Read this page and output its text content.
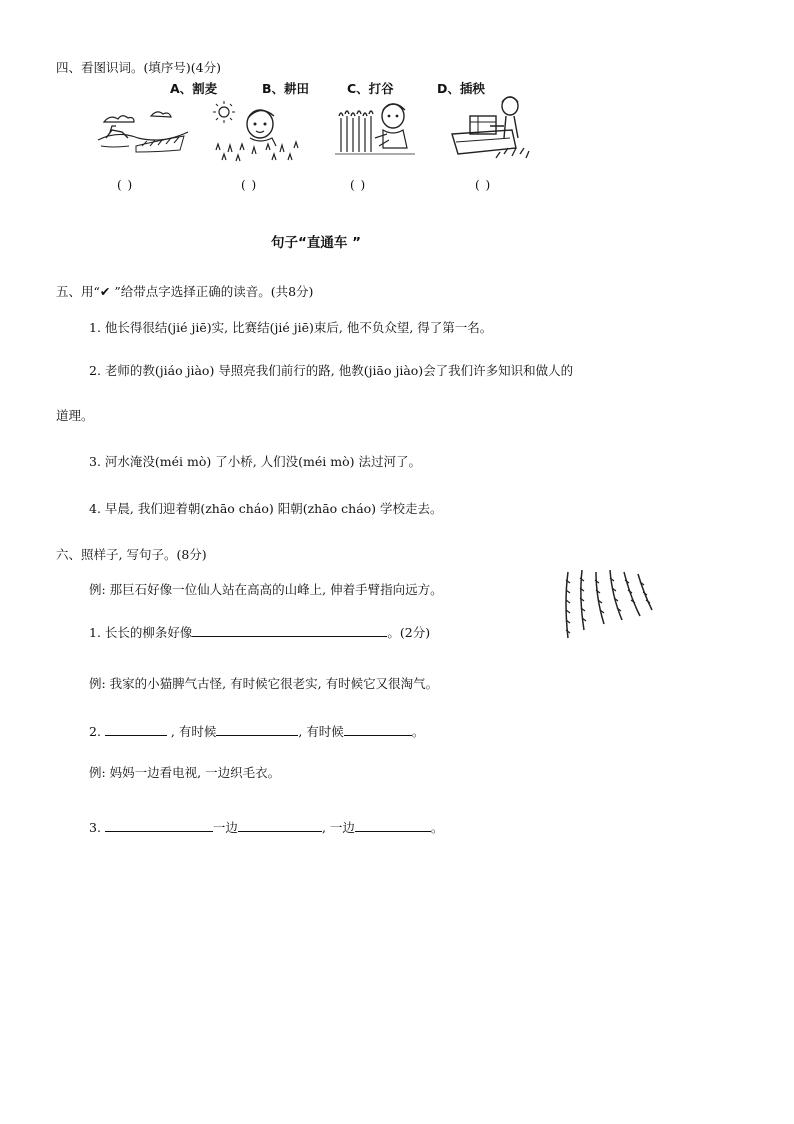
四、看图识词。(填序号)(4分)
A、割麦	B、耕田	C、打谷	D、插秧
( )	( )	( )	( )
句子“直通车 ”
五、用“✔ ”给带点字选择正确的读音。(共8分)
1. 他长得很结(jié jiē)实, 比赛结(jié jiē)束后, 他不负众望, 得了第一名。
2. 老师的教(jiáo jiào) 导照亮我们前行的路, 他教(jiāo jiào)会了我们许多知识和做人的
道理。
3. 河水淹没(méi mò) 了小桥, 人们没(méi mò) 法过河了。
4. 早晨, 我们迎着朝(zhāo cháo) 阳朝(zhāo cháo) 学校走去。
六、照样子, 写句子。(8分)
例: 那巨石好像一位仙人站在高高的山峰上, 伸着手臂指向远方。
1. 长长的柳条好像	。(2分)
例: 我家的小猫脾气古怪, 有时候它很老实, 有时候它又很淘气。
2.	, 有时候	, 有时候	。
例: 妈妈一边看电视, 一边织毛衣。
3.	一边	, 一边	。
